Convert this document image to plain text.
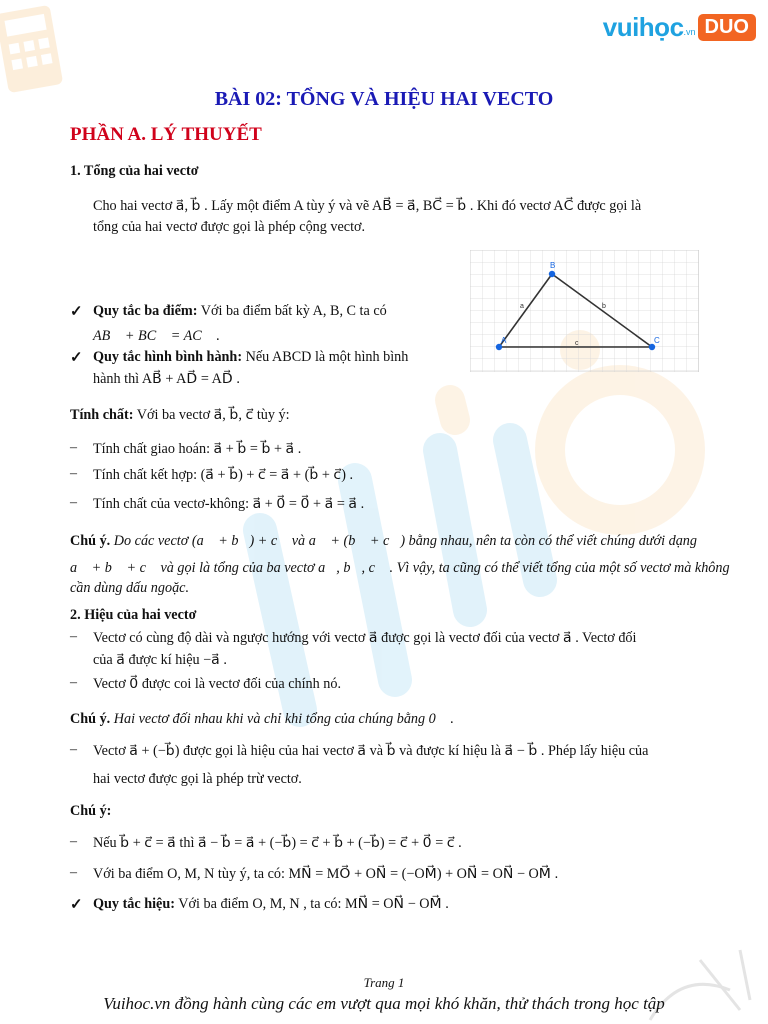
vuihọc .vn DUO
BÀI 02: TỔNG VÀ HIỆU HAI VECTO
PHẦN A. LÝ THUYẾT
1. Tổng của hai vectơ
Cho hai vectơ a⃗, b⃗ . Lấy một điểm A tùy ý và vẽ AB⃗ = a⃗, BC⃗ = b⃗ . Khi đó vectơ AC⃗ được gọi là
tổng của hai vectơ được gọi là phép cộng vectơ.
A
B
C
a	b
c
✓ Quy tắc ba điểm: Với ba điểm bất kỳ A, B, C ta có
AB⃗ + BC⃗ = AC⃗ .
✓ Quy tắc hình bình hành: Nếu ABCD là một hình bình
hành thì AB⃗ + AD⃗ = AD⃗ .
Tính chất: Với ba vectơ a⃗, b⃗, c⃗ tùy ý:
– Tính chất giao hoán: a⃗ + b⃗ = b⃗ + a⃗ .
– Tính chất kết hợp: (a⃗ + b⃗) + c⃗ = a⃗ + (b⃗ + c⃗) .
– Tính chất của vectơ-không: a⃗ + 0⃗ = 0⃗ + a⃗ = a⃗ .
Chú ý. Do các vectơ (a⃗ + b⃗) + c⃗ và a⃗ + (b⃗ + c⃗) bằng nhau, nên ta còn có thể viết chúng dưới dạng
a⃗ + b⃗ + c⃗ và gọi là tổng của ba vectơ a⃗, b⃗, c⃗ . Vì vậy, ta cũng có thể viết tổng của một số vectơ mà không
cần dùng dấu ngoặc.
2. Hiệu của hai vectơ
– Vectơ có cùng độ dài và ngược hướng với vectơ a⃗ được gọi là vectơ đối của vectơ a⃗ . Vectơ đối
của a⃗ được kí hiệu −a⃗ .
– Vectơ 0⃗ được coi là vectơ đối của chính nó.
Chú ý. Hai vectơ đối nhau khi và chỉ khi tổng của chúng bằng 0⃗ .
– Vectơ a⃗ + (−b⃗) được gọi là hiệu của hai vectơ a⃗ và b⃗ và được kí hiệu là a⃗ − b⃗ . Phép lấy hiệu của
hai vectơ được gọi là phép trừ vectơ.
Chú ý:
– Nếu b⃗ + c⃗ = a⃗ thì a⃗ − b⃗ = a⃗ + (−b⃗) = c⃗ + b⃗ + (−b⃗) = c⃗ + 0⃗ = c⃗ .
– Với ba điểm O, M, N tùy ý, ta có: MN⃗ = MO⃗ + ON⃗ = (−OM⃗) + ON⃗ = ON⃗ − OM⃗ .
✓ Quy tắc hiệu: Với ba điểm O, M, N , ta có: MN⃗ = ON⃗ − OM⃗ .
Trang 1
Vuihoc.vn đồng hành cùng các em vượt qua mọi khó khăn, thử thách trong học tập
